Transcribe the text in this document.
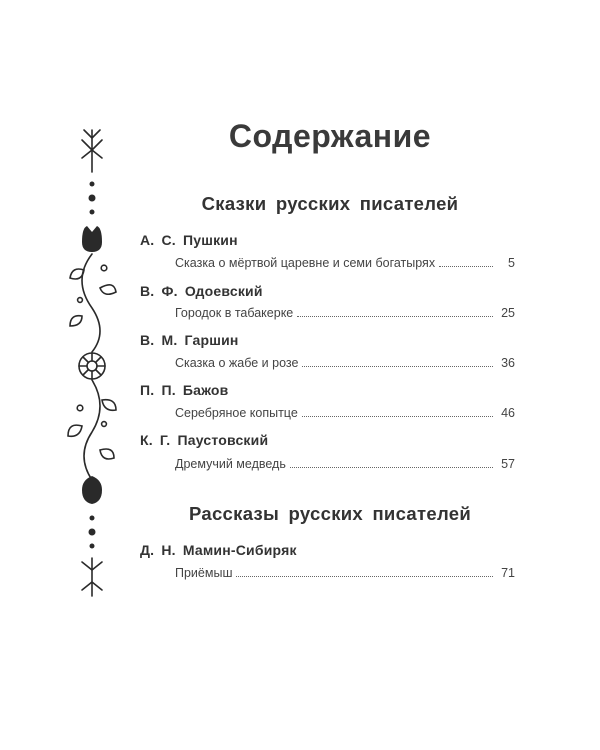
Содержание
Сказки русских писателей
А. С. Пушкин
Сказка о мёртвой царевне и семи богатырях	5
В. Ф. Одоевский
Городок в табакерке	25
В. М. Гаршин
Сказка о жабе и розе	36
П. П. Бажов
Серебряное копытце	46
К. Г. Паустовский
Дремучий медведь	57
Рассказы русских писателей
Д. Н. Мамин-Сибиряк
Приёмыш	71
